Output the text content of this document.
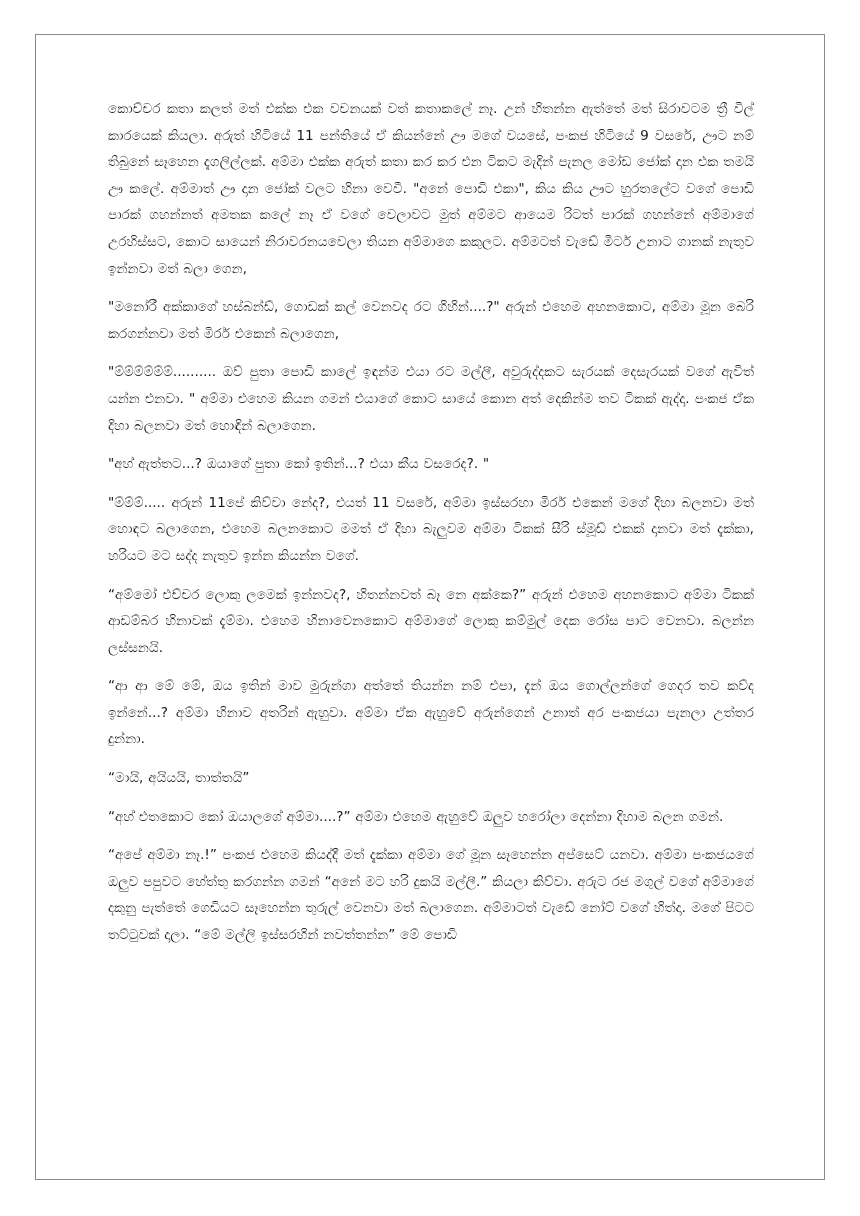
කොච්චර කතා කලත් මත් එක්ක එක වචනයක් වත් කතාකලේ නෑ. උන් හිතන්න ඇත්තේ මත් සිරාවටම ත්‍රී වීල් කාරයෙක් කියලා. අරුත් හිටියේ 11 පන්තියේ ඒ කියන්නේ ඌ මගේ වයසේ, පංකජ හිටියේ 9 වසරේ, ඌට නම් තිබුනේ සෑහෙන දැගලිල්ලක්. අම්මා එක්ක අරුත් කතා කර කර එන ටිකට මැදින් පැනල මෝඩ ජෝක් දාන එක තමයි ඌ කලේ. අම්මාත් ඌ දාන ජෝක් වලට හිනා වෙවී. "අනේ පොඩි එකා", කිය කිය ඌට හුරතලේට වගේ පොඩි පාරක් ගහන්නත් අමතක කලේ නෑ ඒ වගේ වෙලාවට මුත් අම්මට ආයෙම රිටත් පාරක් ගහන්නේ අම්මාගේ උරහිස්සට, කොට සායෙන් නිරාවරනයවෙලා තියන අම්මාගෙ කකුලට. අම්මටත් වැඩේ මීටර් උනාට ගානක් නැතුව ඉන්නවා මත් බලා ගෙන,

"මනෝරී අක්කාගේ හස්බන්ඩ්, ගොඩක් කල් වෙනවද රට ගිහින්....?" අරුන් එහෙම අහනකොට, අම්මා මූන බෙරි කරගන්නවා මත් මිරර් එකෙන් බලාගෙන,

"ම්ම්ම්ම්ම්ම්.......... ඔව් පුතා පොඩි කාලේ ඉඳන්ම එයා රට මල්ලී, අවුරුද්දකට සැරයක් දෙසැරයක් වගේ ඇවිත් යන්න එනවා. " අම්මා එහෙම කියන ගමන් එයාගේ කොට සායේ කොන අත් දෙකින්ම තව ටිකක් ඇද්දා. පංකජ ඒක දිහා බලනවා මත් හොඳින් බලාගෙන.

"අහ් ඇත්තට...? ඔයාගේ පුතා කෝ ඉතින්...? එයා කීය වසරෙද?. "

"ම්ම්ම්..... අරුන් 11පේ කිව්වා නේද?, එයත් 11 වසරේ, අම්මා ඉස්සරහා මිරර් එකෙන් මගේ දිහා බලනවා මත් හොඳට බලාගෙන, එහෙම බලනකොට මමත් ඒ දිහා බැලුවම අම්මා ටිකක් සීරි ස්මූඩ් එකක් දානවා මත් දැක්කා, හරියට මට සද්ද නැතුව ඉන්න කියන්න වගේ.

“අම්මෝ එච්චර ලොකු ලමෙක් ඉන්නවද?, හිතන්නවත් බෑ නෙ අක්කෙ?” අරුන් එහෙම අහනකොට අම්මා ටිකක් ආඩම්බර හිනාවක් දැම්මා. එහෙම හිනාවෙනකොට අම්මාගේ ලොකු කම්මුල් දෙක රෝස පාට වෙනවා. බලන්න ලස්සනයි.

“ආ ආ මේ මේ, ඔය ඉතින් මාව මුරුන්ගා අත්තේ තියන්න නම් එපා, දැන් ඔය ගොල්ලන්ගේ ගෙදර තව කව්ද ඉන්නේ...? අම්මා හිනාව අතරින් ඇහුවා. අම්මා ඒක ඇහුවේ අරුන්ගෙන් උනාත් අර පංකජයා පැනලා උත්තර දුන්නා.

“මායි, අයියයි, තාත්තයි”

“අහ් එතකොට කෝ ඔයාලගේ අම්මා....?” අම්මා එහෙම ඇහුවේ ඔලුව හරෝලා දෙන්නා දිහාම බලන ගමන්.

“අපේ අම්මා නෑ.!” පංකජ එහෙම කියද්දී මත් දැක්කා අම්මා ගේ මූන සෑහෙන්න අප්සෙට් යනවා. අම්මා පංකජයගේ ඔලුව පපුවට හේත්තු කරගන්න ගමන් “අනේ මට හරි දුකයි මල්ලී.” කියලා කිව්වා. අරුට රජ මගුල් වගේ අම්මාගේ දකුනු පැත්තේ ගෙඩියට සෑහෙන්න තුරුල් වෙනවා මත් බලාගෙන. අම්මාටත් වැඩේ නෝට් වගේ හිත්දා. මගේ පිටට තට්ටුවක් දාලා. “මේ මල්ලි ඉස්සරහින් නවත්තන්න” මේ පොඩි
